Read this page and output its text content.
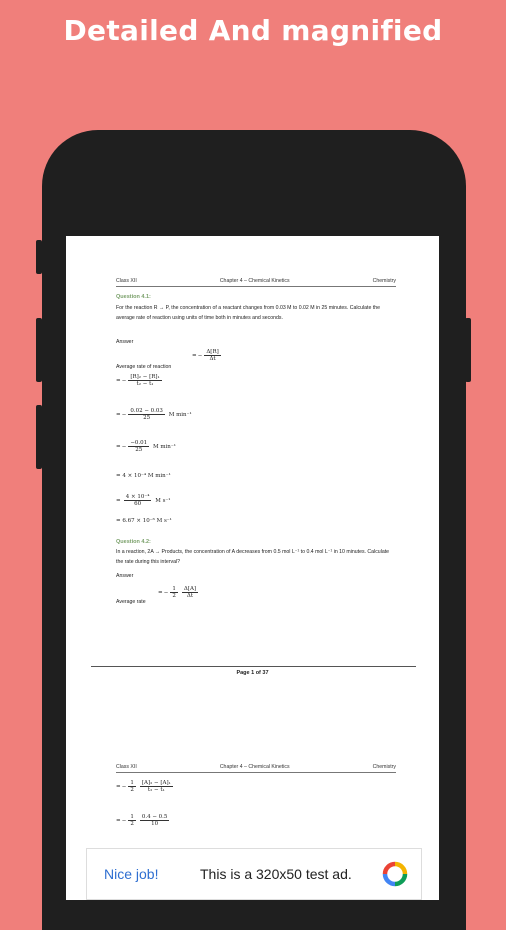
Detailed And magnified
Class XII	Chapter 4 – Chemical Kinetics	Chemistry
Question 4.1:
For the reaction R → P, the concentration of a reactant changes from 0.03 M to 0.02 M in 25 minutes. Calculate the average rate of reaction using units of time both in minutes and seconds.
Answer
Average rate of reaction
= − $\frac{\Delta[R]}{\Delta t}$
= − $\frac{\text{[R]₂ − [R]₁}}{\text{t₂ − t₁}}$
= − $\frac{0.02 - 0.03}{25}$ M min⁻¹
= − $\frac{-0.01}{25}$ M min⁻¹
= 4 × 10⁻⁴ M min⁻¹
=  $\frac{\text{4 × 10⁻⁴}}{60}$ M s⁻¹
= 6.67 × 10⁻⁶ M s⁻¹
Question 4.2:
In a reaction, 2A → Products, the concentration of A decreases from 0.5 mol L⁻¹ to 0.4 mol L⁻¹ in 10 minutes. Calculate the rate during this interval?
Answer
Average rate
= − $\frac{1}{2} \frac{\Delta[A]}{\Delta t}$
Page 1 of 37
Class XII	Chapter 4 – Chemical Kinetics	Chemistry
= − $\frac{1}{2} \frac{\text{[A]₂ − [A]₁}}{\text{t₂ − t₁}}$
= − $\frac{1}{2} \frac{0.4 - 0.5}{10}$
Nice job!	This is a 320x50 test ad.
